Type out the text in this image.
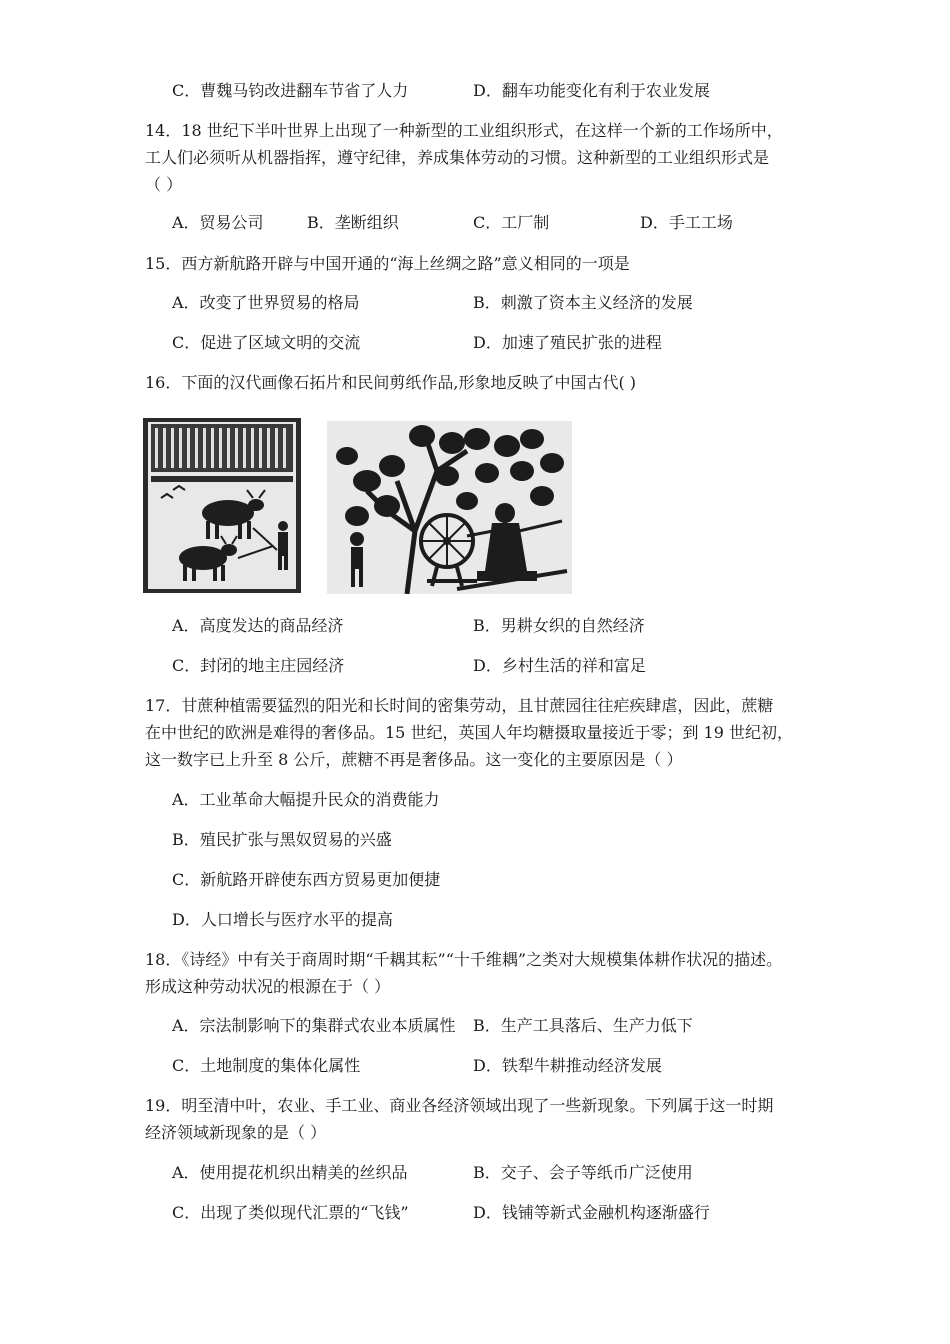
C．曹魏马钧改进翻车节省了人力	D．翻车功能变化有利于农业发展
14．18 世纪下半叶世界上出现了一种新型的工业组织形式，在这样一个新的工作场所中，
工人们必须听从机器指挥，遵守纪律，养成集体劳动的习惯。这种新型的工业组织形式是
（ ）
A．贸易公司	B．垄断组织	C．工厂制	D．手工工场
15．西方新航路开辟与中国开通的“海上丝绸之路”意义相同的一项是
A．改变了世界贸易的格局	B．刺激了资本主义经济的发展
C．促进了区域文明的交流	D．加速了殖民扩张的进程
16．下面的汉代画像石拓片和民间剪纸作品,形象地反映了中国古代( )
A．高度发达的商品经济	B．男耕女织的自然经济
C．封闭的地主庄园经济	D．乡村生活的祥和富足
17．甘蔗种植需要猛烈的阳光和长时间的密集劳动，且甘蔗园往往疟疾肆虐，因此，蔗糖
在中世纪的欧洲是难得的奢侈品。15 世纪，英国人年均糖摄取量接近于零；到 19 世纪初，
这一数字已上升至 8 公斤，蔗糖不再是奢侈品。这一变化的主要原因是（ ）
A．工业革命大幅提升民众的消费能力
B．殖民扩张与黑奴贸易的兴盛
C．新航路开辟使东西方贸易更加便捷
D．人口增长与医疗水平的提高
18．《诗经》中有关于商周时期“千耦其耘”“十千维耦”之类对大规模集体耕作状况的描述。
形成这种劳动状况的根源在于（ ）
A．宗法制影响下的集群式农业本质属性 B．生产工具落后、生产力低下
C．土地制度的集体化属性	D．铁犁牛耕推动经济发展
19．明至清中叶，农业、手工业、商业各经济领域出现了一些新现象。下列属于这一时期
经济领域新现象的是（ ）
A．使用提花机织出精美的丝织品	B．交子、会子等纸币广泛使用
C．出现了类似现代汇票的“飞钱”	D．钱铺等新式金融机构逐渐盛行
